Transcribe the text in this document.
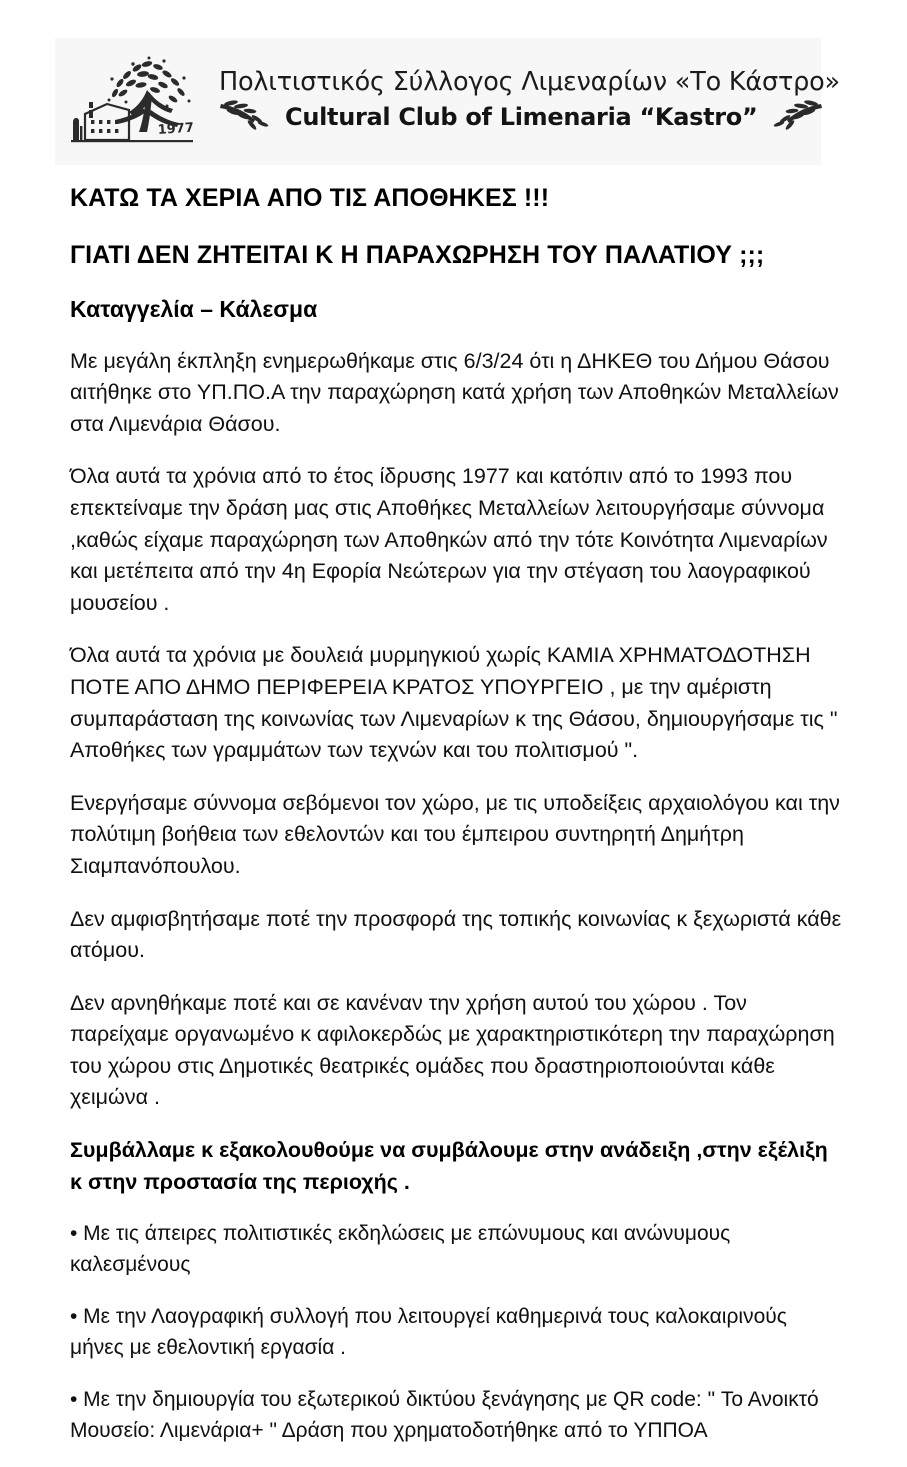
1977
Πολιτιστικός Σύλλογος Λιμεναρίων «Το Κάστρο»
Cultural Club of Limenaria “Kastro”
ΚΑΤΩ ΤΑ ΧΕΡΙΑ ΑΠΟ ΤΙΣ ΑΠΟΘΗΚΕΣ !!!
ΓΙΑΤΙ ΔΕΝ ΖΗΤΕΙΤΑΙ Κ Η ΠΑΡΑΧΩΡΗΣΗ ΤΟΥ ΠΑΛΑΤΙΟΥ ;;;
Καταγγελία – Κάλεσμα

Με μεγάλη έκπληξη ενημερωθήκαμε στις 6/3/24 ότι η ΔΗΚΕΘ του Δήμου Θάσου αιτήθηκε στο ΥΠ.ΠΟ.Α την παραχώρηση κατά χρήση των Αποθηκών Μεταλλείων στα Λιμενάρια Θάσου.

Όλα αυτά τα χρόνια από το έτος ίδρυσης 1977 και κατόπιν από το 1993 που επεκτείναμε την δράση μας στις Αποθήκες Μεταλλείων λειτουργήσαμε σύννομα ,καθώς είχαμε παραχώρηση των Αποθηκών από την τότε Κοινότητα Λιμεναρίων και μετέπειτα από την 4η Εφορία Νεώτερων για την στέγαση του λαογραφικού μουσείου .

Όλα αυτά τα χρόνια με δουλειά μυρμηγκιού χωρίς ΚΑΜΙΑ ΧΡΗΜΑΤΟΔΟΤΗΣΗ ΠΟΤΕ ΑΠΟ ΔΗΜΟ ΠΕΡΙΦΕΡΕΙΑ ΚΡΑΤΟΣ ΥΠΟΥΡΓΕΙΟ , με την αμέριστη συμπαράσταση της κοινωνίας των Λιμεναρίων κ της Θάσου, δημιουργήσαμε τις " Αποθήκες των γραμμάτων των τεχνών και του πολιτισμού ".

Ενεργήσαμε σύννομα σεβόμενοι τον χώρο, με τις υποδείξεις αρχαιολόγου και την πολύτιμη βοήθεια των εθελοντών και του έμπειρου συντηρητή Δημήτρη Σιαμπανόπουλου.

Δεν αμφισβητήσαμε ποτέ την προσφορά της τοπικής κοινωνίας κ ξεχωριστά κάθε ατόμου.

Δεν αρνηθήκαμε ποτέ και σε κανέναν την χρήση αυτού του χώρου . Τον παρείχαμε οργανωμένο κ αφιλοκερδώς με χαρακτηριστικότερη την παραχώρηση του χώρου στις Δημοτικές θεατρικές ομάδες που δραστηριοποιούνται κάθε χειμώνα .

Συμβάλλαμε κ εξακολουθούμε να συμβάλουμε στην ανάδειξη ,στην εξέλιξη κ στην προστασία της περιοχής .

• Με τις άπειρες πολιτιστικές εκδηλώσεις με επώνυμους και ανώνυμους καλεσμένους

• Με την Λαογραφική συλλογή που λειτουργεί καθημερινά τους καλοκαιρινούς μήνες με εθελοντική εργασία .

• Με την δημιουργία του εξωτερικού δικτύου ξενάγησης με QR code: " Το Ανοικτό Μουσείο: Λιμενάρια+ " Δράση που χρηματοδοτήθηκε από το ΥΠΠΟΑ
